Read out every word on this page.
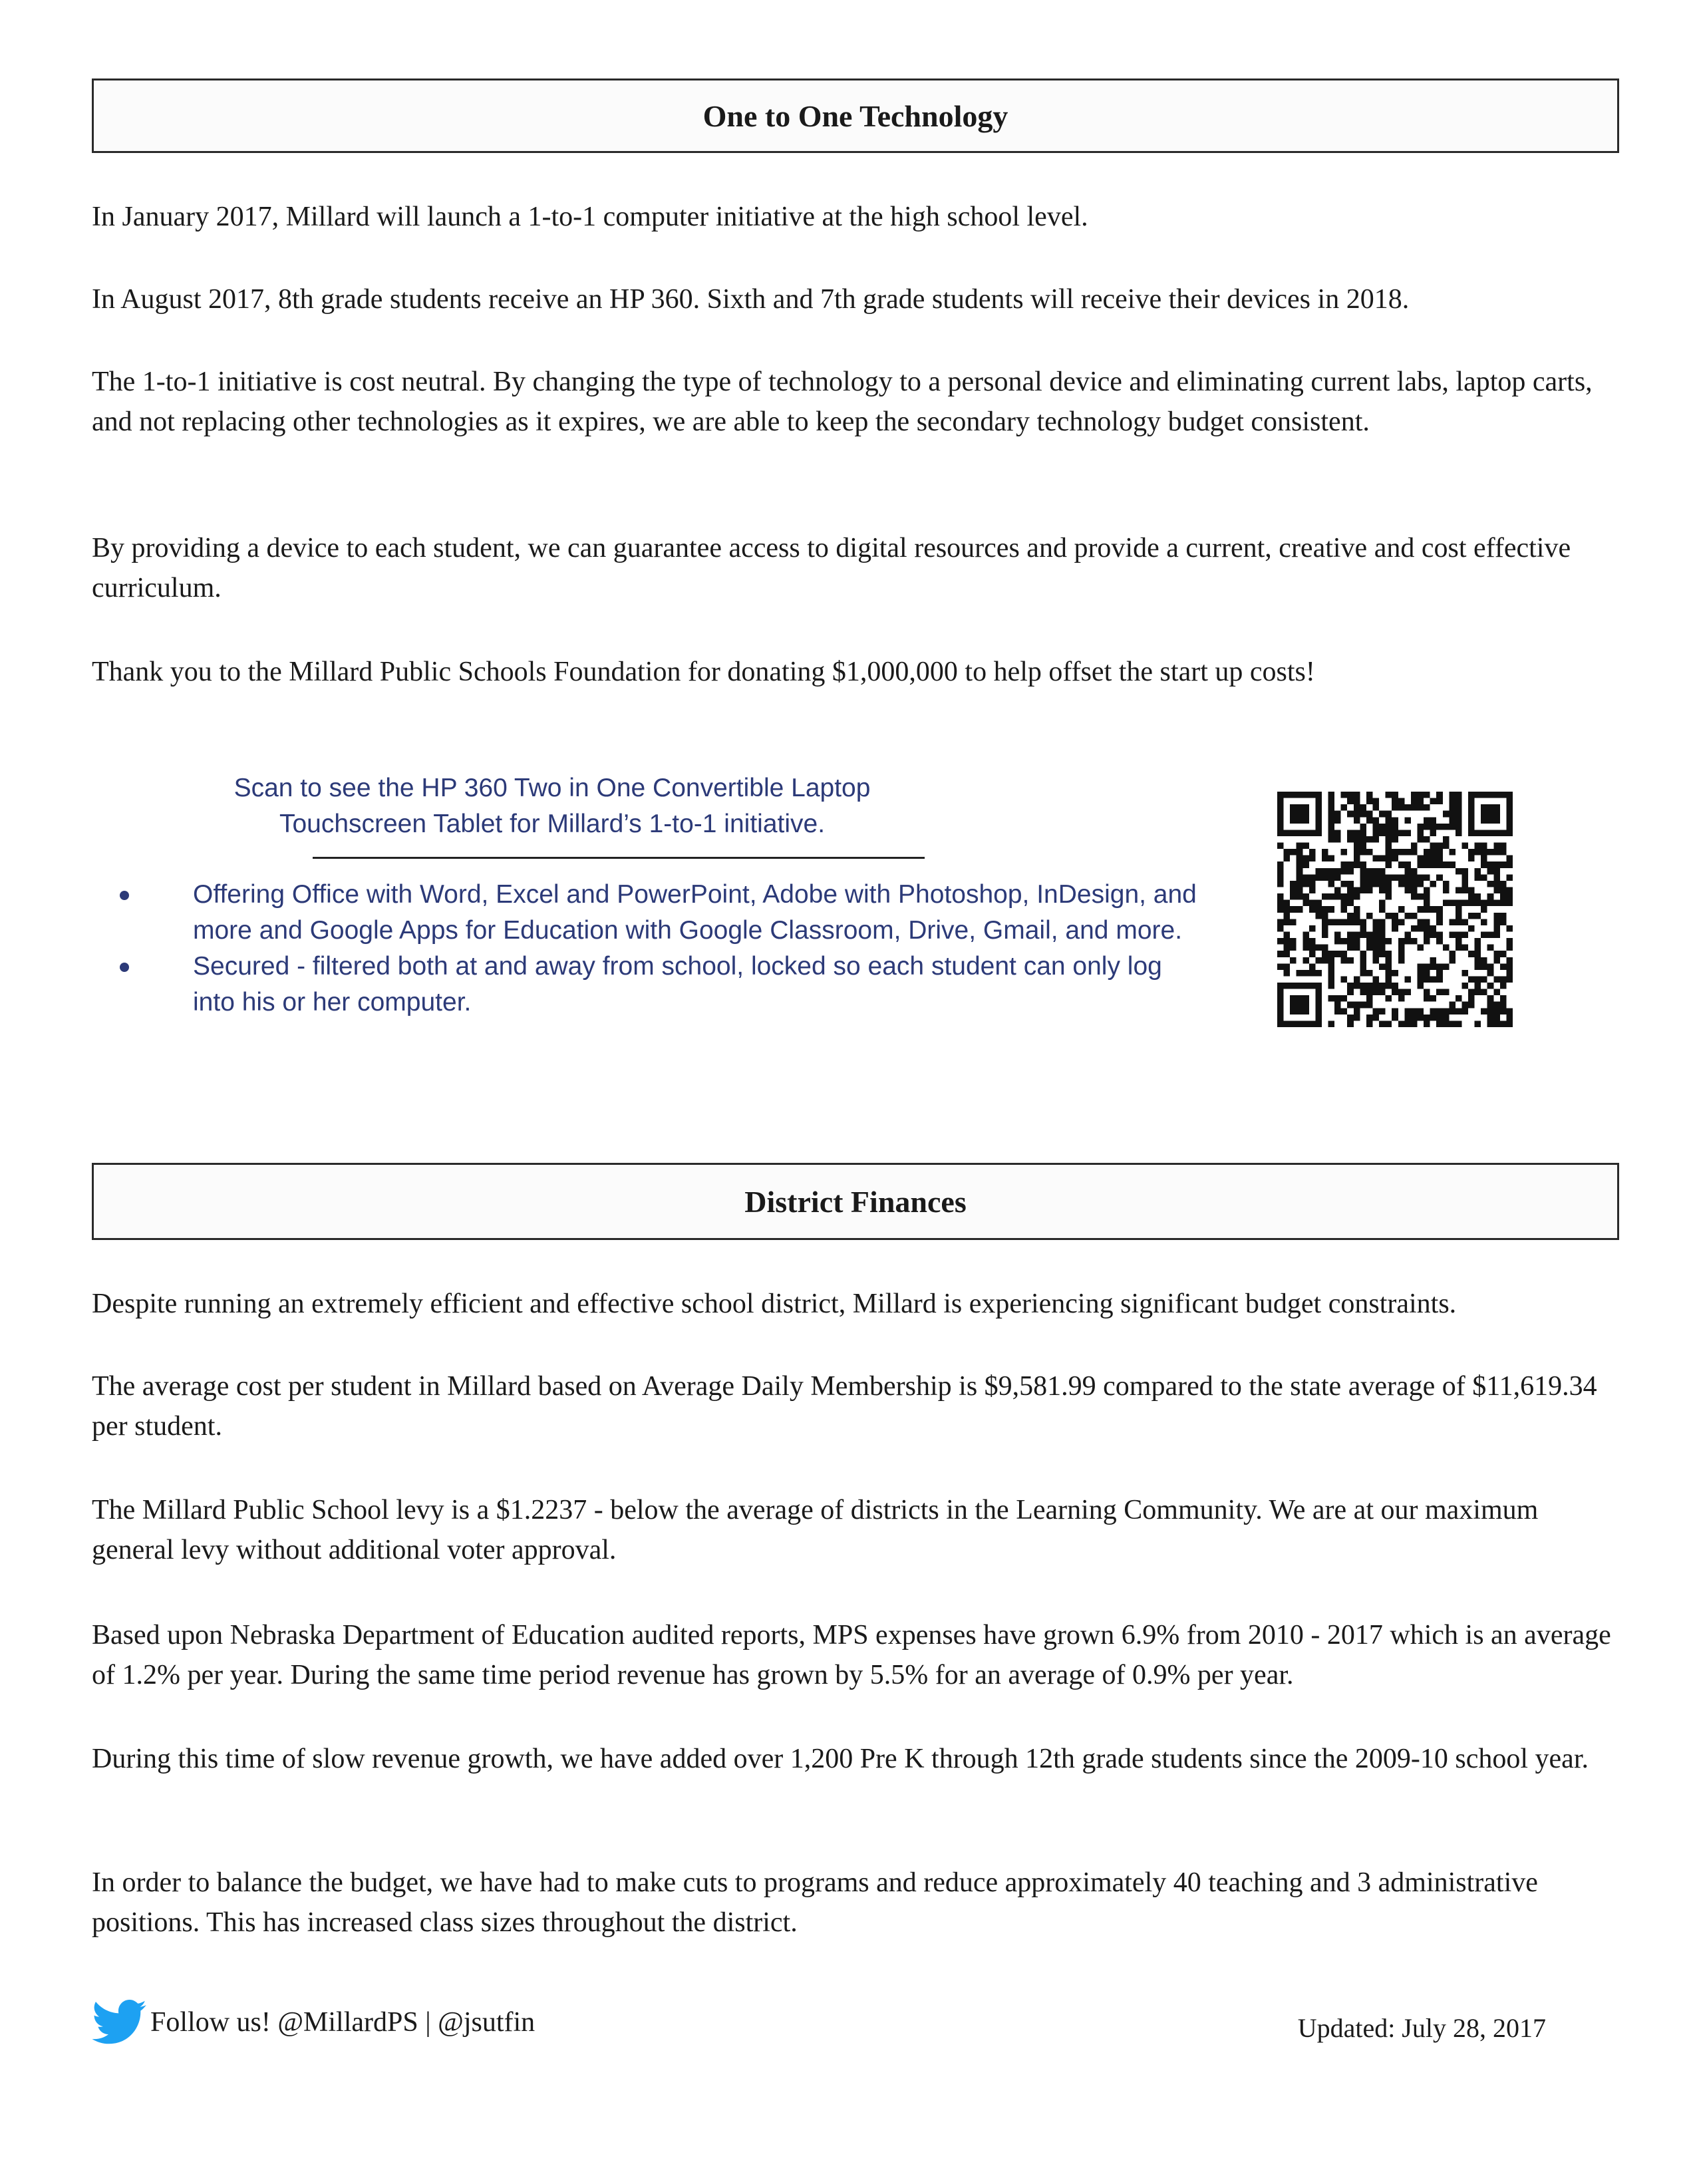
One to One Technology

In January 2017, Millard will launch a 1-to-1 computer initiative at the high school level.

In August 2017, 8th grade students receive an HP 360. Sixth and 7th grade students will receive their devices in 2018.

The 1-to-1 initiative is cost neutral. By changing the type of technology to a personal device and eliminating current labs, laptop carts, and not replacing other technologies as it expires, we are able to keep the secondary technology budget consistent.

By providing a device to each student, we can guarantee access to digital resources and provide a current, creative and cost effective curriculum.

Thank you to the Millard Public Schools Foundation for donating $1,000,000 to help offset the start up costs!

Scan to see the HP 360 Two in One Convertible Laptop
Touchscreen Tablet for Millard’s 1-to-1 initiative.
Offering Office with Word, Excel and PowerPoint, Adobe with Photoshop, InDesign, and more and Google Apps for Education with Google Classroom, Drive, Gmail, and more.
Secured - filtered both at and away from school, locked so each student can only log into his or her computer.
District Finances

Despite running an extremely efficient and effective school district, Millard is experiencing significant budget constraints.

The average cost per student in Millard based on Average Daily Membership is $9,581.99 compared to the state average of $11,619.34 per student.

The Millard Public School levy is a $1.2237 - below the average of districts in the Learning Community. We are at our maximum general levy without additional voter approval.

Based upon Nebraska Department of Education audited reports, MPS expenses have grown 6.9% from 2010 - 2017 which is an average of 1.2% per year. During the same time period revenue has grown by 5.5% for an average of 0.9% per year.

During this time of slow revenue growth, we have added over 1,200 Pre K through 12th grade students since the 2009-10 school year.

In order to balance the budget, we have had to make cuts to programs and reduce approximately 40 teaching and 3 administrative positions. This has increased class sizes throughout the district.

Follow us! @MillardPS | @jsutfin	Updated: July 28, 2017
